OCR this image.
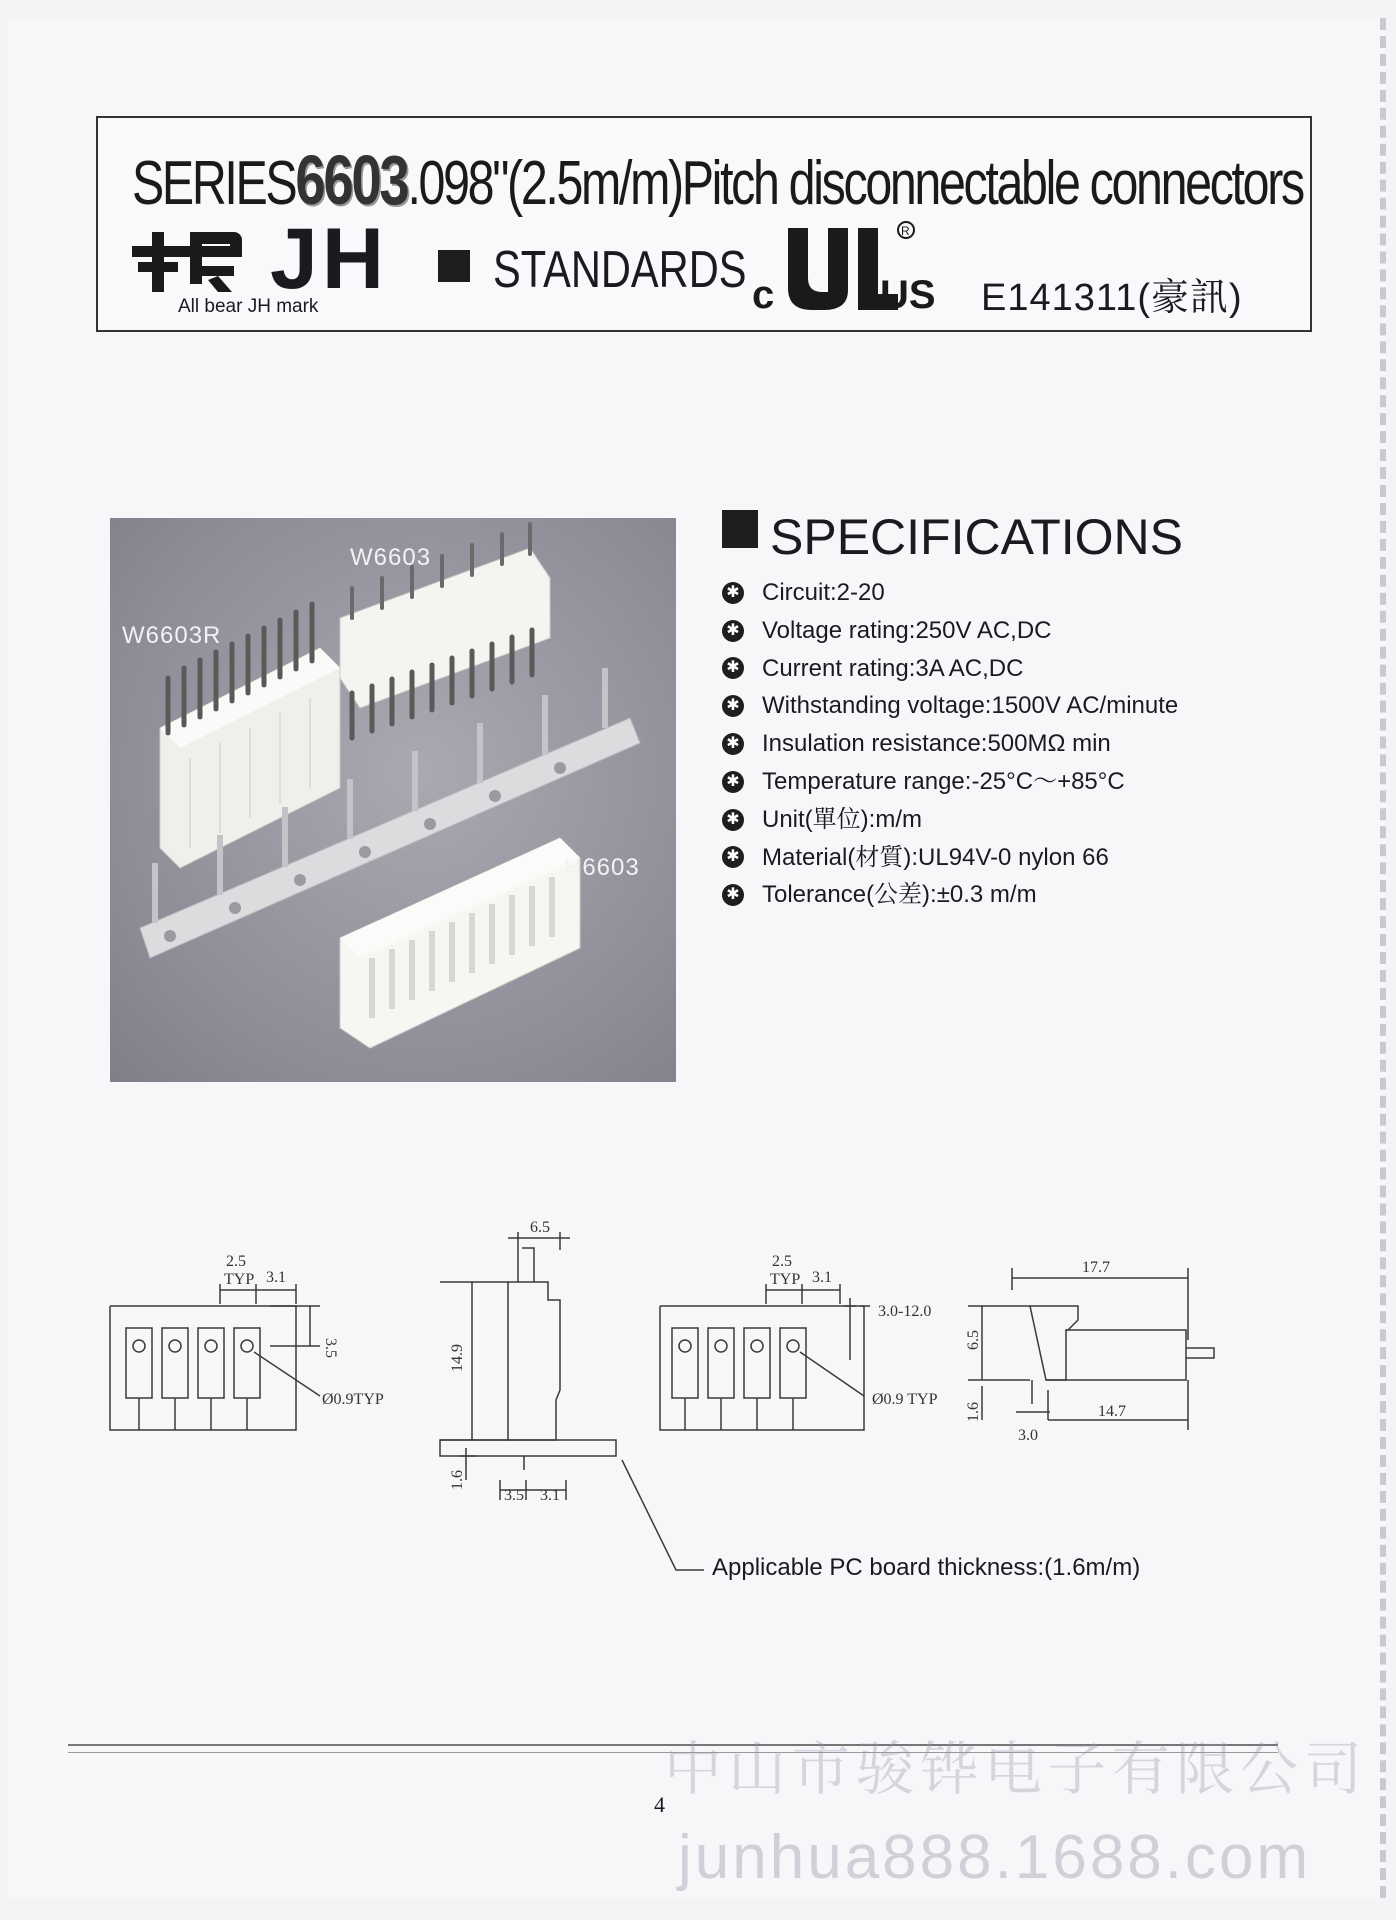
SERIES6603.098"(2.5m/m)Pitch disconnectable connectors
JH
All bear JH mark
STANDARDS c	US
R
E141311(豪訊)
W6603
W6603R
H6603
SPECIFICATIONS
✱ Circuit:2-20
✱ Voltage rating:250V AC,DC
✱ Current rating:3A AC,DC
✱ Withstanding voltage:1500V AC/minute
✱ Insulation resistance:500MΩ min
✱ Temperature range:-25°C～+85°C
✱ Unit(單位):m/m
✱ Material(材質):UL94V-0 nylon 66
✱ Tolerance(公差):±0.3 m/m
2.5
TYP 3.1
3.5
Ø0.9TYP
6.5
14.9
1.6
3.5 3.1
2.5
TYP 3.1
3.0-12.0
Ø0.9 TYP
17.7
6.5
1.6
3.0
14.7
Applicable PC board thickness:(1.6m/m)
中山市骏铧电子有限公司
4
junhua888.1688.com
